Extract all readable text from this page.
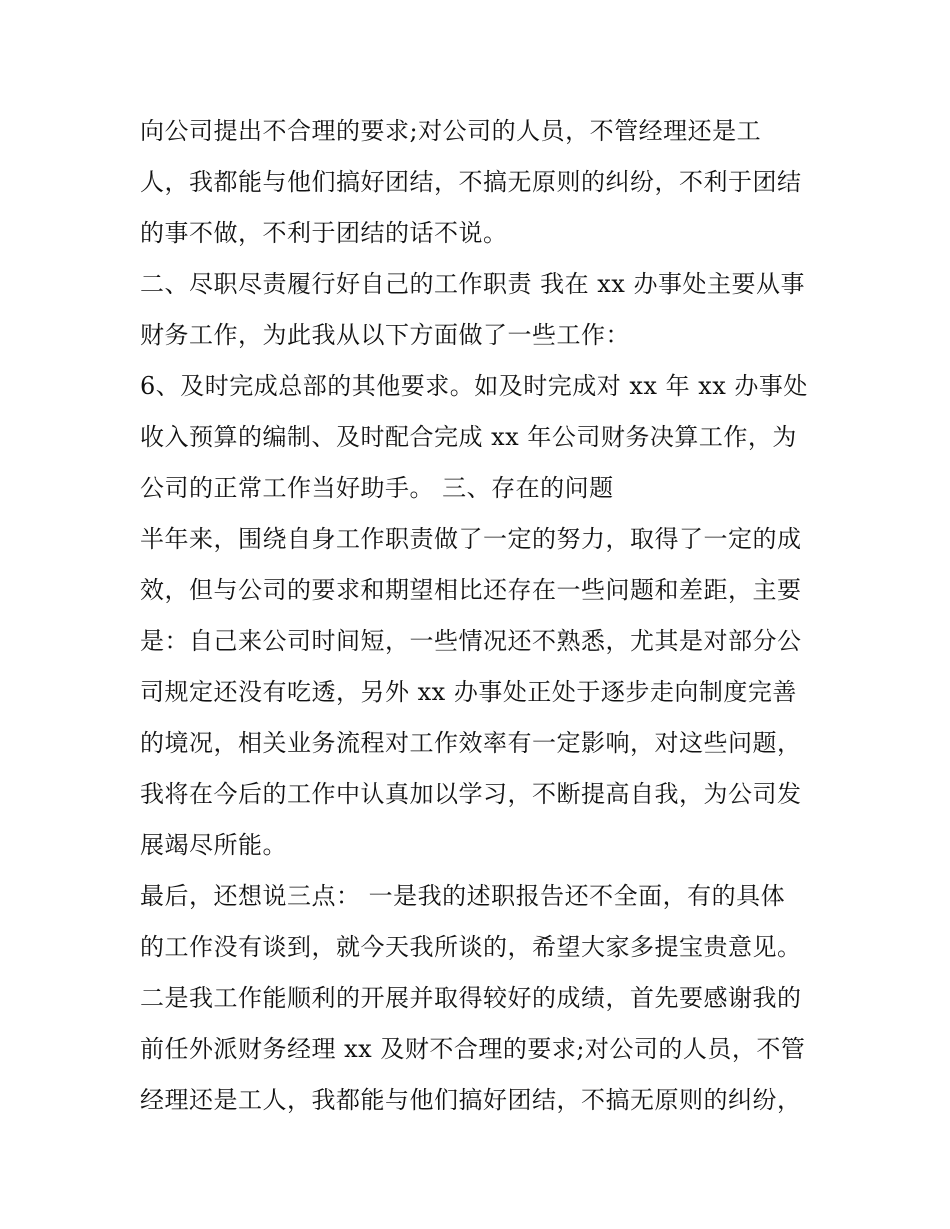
向公司提出不合理的要求;对公司的人员，不管经理还是工
人，我都能与他们搞好团结，不搞无原则的纠纷，不利于团结
的事不做，不利于团结的话不说。
二、尽职尽责履行好自己的工作职责 我在 xx 办事处主要从事
财务工作，为此我从以下方面做了一些工作：
6、及时完成总部的其他要求。如及时完成对 xx 年 xx 办事处
收入预算的编制、及时配合完成 xx 年公司财务决算工作，为
公司的正常工作当好助手。 三、存在的问题
半年来，围绕自身工作职责做了一定的努力，取得了一定的成
效，但与公司的要求和期望相比还存在一些问题和差距，主要
是：自己来公司时间短，一些情况还不熟悉，尤其是对部分公
司规定还没有吃透，另外 xx 办事处正处于逐步走向制度完善
的境况，相关业务流程对工作效率有一定影响，对这些问题，
我将在今后的工作中认真加以学习，不断提高自我，为公司发
展竭尽所能。
最后，还想说三点： 一是我的述职报告还不全面，有的具体
的工作没有谈到，就今天我所谈的，希望大家多提宝贵意见。
二是我工作能顺利的开展并取得较好的成绩，首先要感谢我的
前任外派财务经理 xx 及财不合理的要求;对公司的人员，不管
经理还是工人，我都能与他们搞好团结，不搞无原则的纠纷，
